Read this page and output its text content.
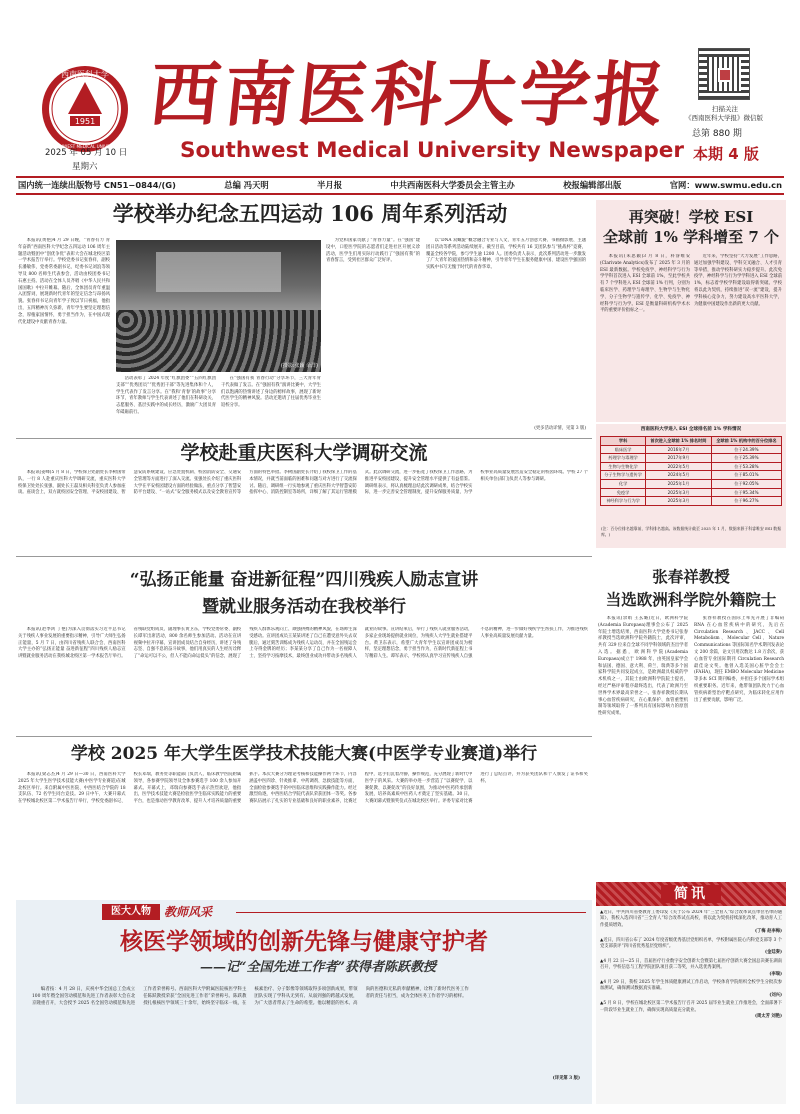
1951
西南医科大学
SOUTHWEST MEDICAL UNIVERSITY
西南医科大学报
Southwest Medical University Newspaper
2025 年 05 月 10 日
星期六
扫描关注
《西南医科大学报》微信版
总第 880 期
本期 4 版
国内统一连续出版物号 CN51−0844/(G)	总编 冯天明	半月报	中共西南医科大学委员会主管主办	校报编辑部出版	官网：www.swmu.edu.cn
学校举办纪念五四运动 106 周年系列活动

本报讯(黄艳)4 月 29 日晚，“青春有力 青年奋新”西南医科大学纪念五四运动 106 周年主题活动暨团中“创优争优”表彰大会在城北校区第一学术报告厅举行。学校党委书记张春祥，副校长潘敏伟，党委常委副书记、纪委书记刘浪等领导及 800 名师生代表参会，活动由校团委书记石惠主持。活动在全体人员齐唱《中华人民共和国国歌》中拉开帷幕。随后，全体团员青年重温入团誓词，展现新时代青年的坚定信念与昂扬风貌。张春祥书记向青年学子致以节日祝福，他指出，五四精神历久弥新，青年学生要坚定理想信念，厚植家国情怀，勇于担当作为，在中国式现代化建设中贡献青春力量。

(摄影:张颖 余洋)

活动表彰了 2024 年度“红旗团委”“五四红旗团支部”“优秀团员”“优秀团干部”等先进集体和个人，学生代表作了发言分享。在“我和‘青春’的故事”分享环节，青年教师与学生代表讲述了他们在科研攻关、志愿服务、基层实践中的成长经历，激励广大团员青年砥砺前行。

在“强国有我 青春行动”分享环节，三大青年骨干代表做了发言。在“强国有我”演讲比赛中，大学生们以饱满的热情讲述了身边的榜样故事，展现了新时代医学生的精神风貌。活动还邀请了往届优秀毕业生返校分享。

为党和国家贡献了“青春力量”。在“强国”建设中，口腔医学院的志愿者们走进社区开展义诊活动，医学生们用实际行动践行了“强国有我”的青春誓言，受到社区群众广泛好评。

以“DNA 双螺旋”概念融合专业与人文，青年五月创意大赛、书画摄影展、主题团日活动等系列活动陆续展开。截至目前，学校共有 16 支团队参与“挑战杯”竞赛，覆盖全校各学院，参与学生逾 1200 人。团委负责人表示，此次系列活动进一步激发了广大青年的爱国热情和奋斗精神，引导青年学生在服务健康中国、建设医学强国的实践中书写无愧于时代的青春华章。

(更多活动详情，见第 3 版)
学校赴重庆医科大学调研交流

本报讯(姜峰)5 月 8 日，学校保卫处副处长李树国带队，一行 8 人赴重庆医科大学调研交流，重庆医科大学校保卫处处长张强、副处长王磊及相关科室负责人参加座谈。座谈会上，双方就校园安全管理、平安校园建设、智慧安防系统建设、应急处置机制、校园消防安全、交通安全管理等方面进行了深入交流。张强处长介绍了重庆医科大学在平安校园建设方面的经验做法，重点分享了智慧安防平台建设、“一站式”安全服务模式以及安全教育宣传等方面的特色举措。李树国副处长介绍了我校保卫工作的基本情况，并就当前面临的困难和问题与对方进行了交流探讨。随后，调研组一行实地参观了重庆医科大学智慧安防指挥中心、消防控制室等场所，详细了解了其运行管理模式。此次调研交流，进一步拓宽了我校保卫工作思路，为推进平安校园建设、提升安全管理水平提供了有益借鉴。调研组表示，将认真梳理总结此次调研成果，结合学校实际，进一步完善安全管理制度，提升安保服务质量，为学校事业高质量发展营造安全稳定的校园环境。学校 27 个相关单位(部门)负责人等参与调研。

“弘扬正能量 奋进新征程”四川残疾人励志宣讲
暨就业服务活动在我校举行

本报讯(赵季鸿 丁艳)为深入贯彻落实习近平总书记关于残疾人事业发展的重要指示精神，引导广大师生弘扬正能量，5 月 7 日，由四川省残疾人联合会、西南医科大学主办的“弘扬正能量 奋进新征程”四川残疾人励志宣讲暨就业服务活动在我校城北校区第一学术报告厅举行。省残联党组成员、副理事长黄卫东，学校党委常委、副校长谭军出席活动，800 余名师生参加活动。活动在宣讲视频中拉开序幕，宣讲团成员结合自身经历，讲述了身残志坚、自强不息的奋斗故事，他们用真实的人生经历诠释了“命运可以不公，但人不能向命运低头”的信念，展现了残疾人群体乐观向上、顽强拼搏的精神风貌，在场师生深受感动。宣讲团成员王某某讲述了自己在遭受意外失去双腿后，通过刻苦训练成为残疾人运动员，并在全国残运会上夺得金牌的经历；李某某分享了自己作为一名视障人士，坚持学习按摩技术，最终创业成功并带动多名残疾人就业的故事。宣讲结束后，举行了残疾人就业服务活动，多家企业现场提供就业岗位，为残疾人大学生就业搭建平台。黄卫东表示，希望广大青年学生以宣讲团成员为榜样，坚定理想信念，勇于担当作为，在新时代新征程上书写精彩人生。谭军表示，学校将认真学习宣传残疾人自强不息的精神，进一步做好残疾学生帮扶工作，为推进残疾人事业高质量发展贡献力量。

学校 2025 年大学生医学技术技能大赛(中医学专业赛道)举行

本报讯(梁志杰)4 月 29 日—30 日，西南医科大学 2025 年大学生医学技术技能大赛(中医学专业赛道)在城北校区举行。来自附属中医医院、中西医结合学院的 18 支队伍、72 名学生同台竞技。29 日中午，大赛开幕式在学校城北校区第二学术报告厅举行，学校党委副书记、校长邓瑞，教务处等职能部门负责人，临床教学医院附属领导，各参赛学院领导及全体参赛选手 100 余人参加开幕式。开幕式上，邓瑞向参赛选手表示热烈欢迎，他指出，医学技术技能大赛是检验医学生临床实践能力的重要平台，也是推动医学教育改革、提升人才培养质量的重要抓手。本次大赛分为理论考核和技能操作两个环节，内容涵盖中医四诊、针灸推拿、中药调剂、急救技能等方面，全面检验参赛选手的中医临床思维和实践操作能力。经过激烈角逐，中西医结合学院代表队荣获团体一等奖。各参赛队伍展示了扎实的专业基础和良好的职业素养，比赛过程中，选手们沉着冷静，操作规范，充分展现了新时代中医学子的风采。大赛的举办进一步营造了“以赛促学、以赛促教、以赛促改”的良好氛围，为推动中医药传承创新发展、培养高素质中医药人才奠定了坚实基础。30 日，大赛闭幕式暨颁奖仪式在城北校区举行。评委专家对比赛进行了总结点评，并为获奖团队和个人颁发了证书和奖杯。

再突破！学校 ESI
全球前 1% 学科增至 7 个

本报讯(朱思颖)3 月 8 日，科睿唯安(Clarivate Analytics)发布了 2025 年 3 月的 ESI 最新数据。学校免疫学、神经科学与行为学学科首次进入 ESI 全球前 1%，至此学校共有 7 个学科进入 ESI 全球前 1% 行列，分别为临床医学、药理学与毒理学、生物学与生物化学、分子生物学与遗传学、化学、免疫学、神经科学与行为学。ESI 是衡量科研机构学术水平的重要评价指标之一。

近年来，学校坚持“大力发展”工作思路，通过加强学科建设、学科交叉融合、人才引育等举措，推动学校科研实力稳步提升。此次免疫学、神经科学与行为学学科进入 ESI 全球前 1%，标志着学校学科建设取得新突破。学校将以此为契机，持续推进“双一流”建设，提升学科核心竞争力，努力建设高水平医科大学，为健康中国建设作出新的更大贡献。

西南医科大学进入 ESI 全球排名前 1% 学科情况
学科	首次进入全球前 1% 排名时间	全球前 1% 机构中的百分位排名
临床医学	2016年7月	位于24.39%
药理学与毒理学	2017年9月	位于25.39%
生物与生物化学	2022年5月	位于53.28%
分子生物学与遗传学	2024年5月	位于85.01%
化学	2025年1月	位于92.05%
免疫学	2025年3月	位于95.34%
神经科学与行为学	2025年3月	位于96.27%
(注：百分位排名越靠前，学科排名越高。该数据统计截至 2025 年 1 月，数据来源于科睿唯安 ESI 数据库。)
张春祥教授
当选欧洲科学院外籍院士

本报讯(余娟 王玄璐)近日，欧洲科学院(Academia Europaea)理事会公布了 2025 年院士增选结果，西南医科大学党委书记张春祥教授当选欧洲科学院外籍院士，此次评审，共有 329 位来自全球不同学科领域的杰出学者入选。据悉，欧洲科学院(Academia Europaea)成立于 1988 年，由英国皇家学会和法国、德国、意大利、荷兰、瑞典等多个国家科学院共同发起成立，是欧洲最具权威的学术机构之一，其院士由欧洲科学院院士提名，经过严格评审程序最终选出，代表了欧洲乃至世界学术界最高荣誉之一。张春祥教授长期从事心血管疾病研究，在心肌保护、血管重塑机制等领域取得了一系列具有国际影响力的原创性研究成果。

张春祥教授在国际上率先开展了非编码 RNA 在心血管疾病中的研究，先后在 Circulation Research、JACC、Cell Metabolism、Molecular Cell、Nature Communications 等国际知名学术期刊发表论文 200 余篇，论文引用次数达 1.8 万余次，获心血管专业国际期刊 Circulation Research 最佳论文奖。他曾入选美国心脏学会会士(FAHA)，现任 EMBO Molecular Medicine 等多本 SCI 期刊编委，并担任多个国际学术组织重要职务。近年来，他带领团队致力于心血管疾病新型治疗靶点研究，为临床转化应用作出了重要贡献，影响广泛。

简讯
▲近日，中共四川省委教育工委印发《关于公布 2024 年“三全育人”综合改革试点单位名单的通知》，我校入选四川省“三全育人”综合改革试点高校，将以此为契机持续深化改革，推动育人工作提质增效。
(丁梅 赵李梅)
▲近日，四川省公布了 2024 年度省级优秀基层党组织名单，学校附属医院心内科党支部等 3 个党支部获评“四川省优秀基层党组织”。
(金廷奏)
▲4 月 22 日—25 日，首届医疗行业数字安全创新大会暨第七届医疗创新大赛全国总决赛在湖南召开，学校信息与工程学院团队项目获二等奖，并入选优秀案例。
(李瑞)
▲4 月 29 日，我校 2025 年学生体质健康测试工作启动，学校体育学院组织全校学生分批次参加测试，确保测试数据真实准确。
(刘兴)
▲5 月 8 日，学校在城北校区第二学术报告厅召开 2025 届毕业生就业工作推进会，全面部署下一阶段毕业生就业工作，确保实现高质量充分就业。
(周太芳 刘艳)
医大人物	教师风采
核医学领域的创新先锋与健康守护者
——记“全国先进工作者”获得者陈跃教授

编者按：4 月 28 日，庆祝中华全国总工会成立 100 周年暨全国劳动模范和先进工作者表彰大会在北京隆重召开，大会授予 2025 名全国劳动模范和先进工作者荣誉称号。西南医科大学附属医院核医学科主任陈跃教授荣获“全国先进工作者”荣誉称号。陈跃教授扎根核医学领域三十余年，始终坚守临床一线，在核素治疗、分子影像等领域取得多项创新成果，带领团队实现了学科从无到有、从弱到强的跨越式发展，为广大患者带去了生命的希望。他以精湛的医术、高尚的医德和无私的奉献精神，诠释了新时代医务工作者的责任与担当，成为全体医务工作者学习的榜样。

(详见第 3 版)
